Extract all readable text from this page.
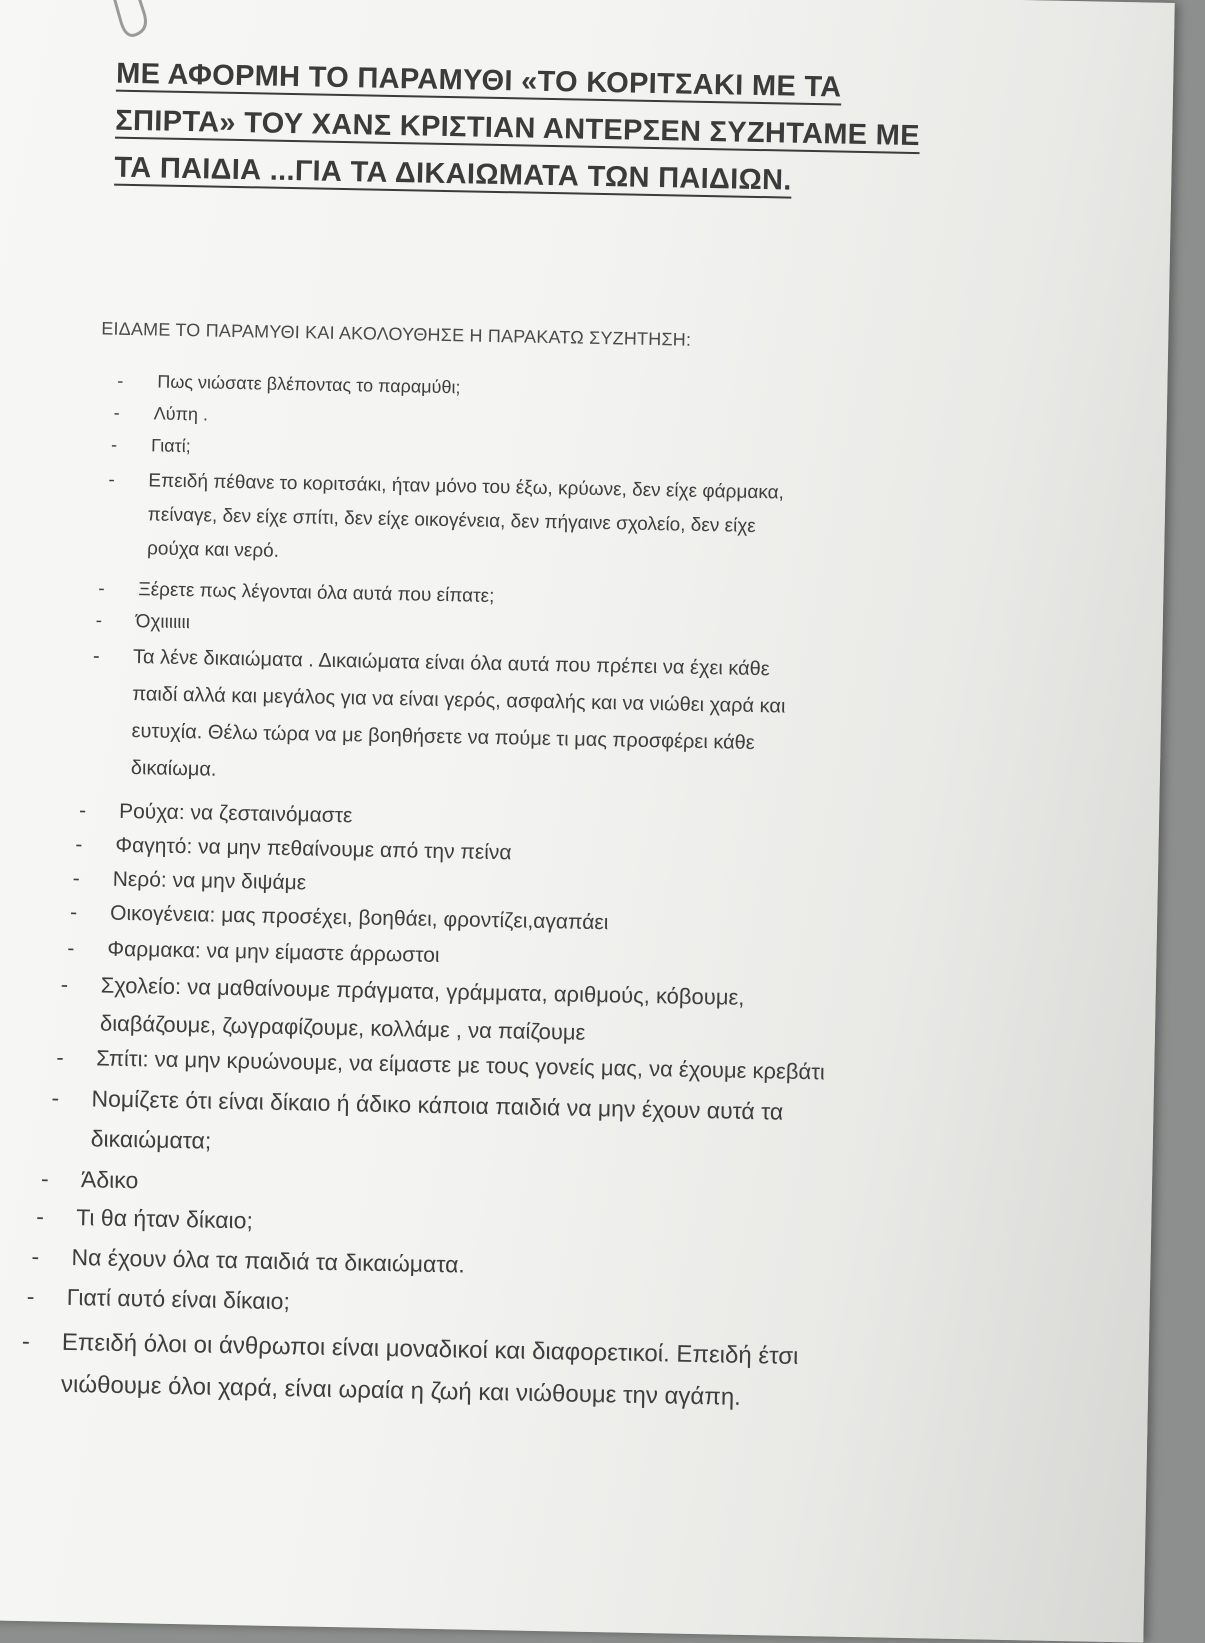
ΜΕ ΑΦΟΡΜΗ ΤΟ ΠΑΡΑΜΥΘΙ «ΤΟ ΚΟΡΙΤΣΑΚΙ ΜΕ ΤΑ
ΣΠΙΡΤΑ» ΤΟΥ ΧΑΝΣ ΚΡΙΣΤΙΑΝ ΑΝΤΕΡΣΕΝ ΣΥΖΗΤΑΜΕ ΜΕ
ΤΑ ΠΑΙΔΙΑ ...ΓΙΑ ΤΑ ΔΙΚΑΙΩΜΑΤΑ ΤΩΝ ΠΑΙΔΙΩΝ.
ΕΙΔΑΜΕ ΤΟ ΠΑΡΑΜΥΘΙ ΚΑΙ ΑΚΟΛΟΥΘΗΣΕ Η ΠΑΡΑΚΑΤΩ ΣΥΖΗΤΗΣΗ:
- Πως νιώσατε βλέποντας το παραμύθι;
- Λύπη .
- Γιατί;
- Επειδή πέθανε το κοριτσάκι, ήταν μόνο του έξω, κρύωνε, δεν είχε φάρμακα,
πείναγε, δεν είχε σπίτι, δεν είχε οικογένεια, δεν πήγαινε σχολείο, δεν είχε
ρούχα και νερό.
- Ξέρετε πως λέγονται όλα αυτά που είπατε;
- Όχιιιιιιι
- Τα λένε δικαιώματα . Δικαιώματα είναι όλα αυτά που πρέπει να έχει κάθε
παιδί αλλά και μεγάλος για να είναι γερός, ασφαλής και να νιώθει χαρά και
ευτυχία. Θέλω τώρα να με βοηθήσετε να πούμε τι μας προσφέρει κάθε
δικαίωμα.
- Ρούχα: να ζεσταινόμαστε
- Φαγητό: να μην πεθαίνουμε από την πείνα
- Νερό: να μην διψάμε
- Οικογένεια: μας προσέχει, βοηθάει, φροντίζει,αγαπάει
- Φαρμακα: να μην είμαστε άρρωστοι
- Σχολείο: να μαθαίνουμε πράγματα, γράμματα, αριθμούς, κόβουμε,
διαβάζουμε, ζωγραφίζουμε, κολλάμε , να παίζουμε
- Σπίτι: να μην κρυώνουμε, να είμαστε με τους γονείς μας, να έχουμε κρεβάτι
- Νομίζετε ότι είναι δίκαιο ή άδικο κάποια παιδιά να μην έχουν αυτά τα
δικαιώματα;
- Άδικο
- Τι θα ήταν δίκαιο;
- Να έχουν όλα τα παιδιά τα δικαιώματα.
- Γιατί αυτό είναι δίκαιο;
- Επειδή όλοι οι άνθρωποι είναι μοναδικοί και διαφορετικοί. Επειδή έτσι
νιώθουμε όλοι χαρά, είναι ωραία η ζωή και νιώθουμε την αγάπη.
